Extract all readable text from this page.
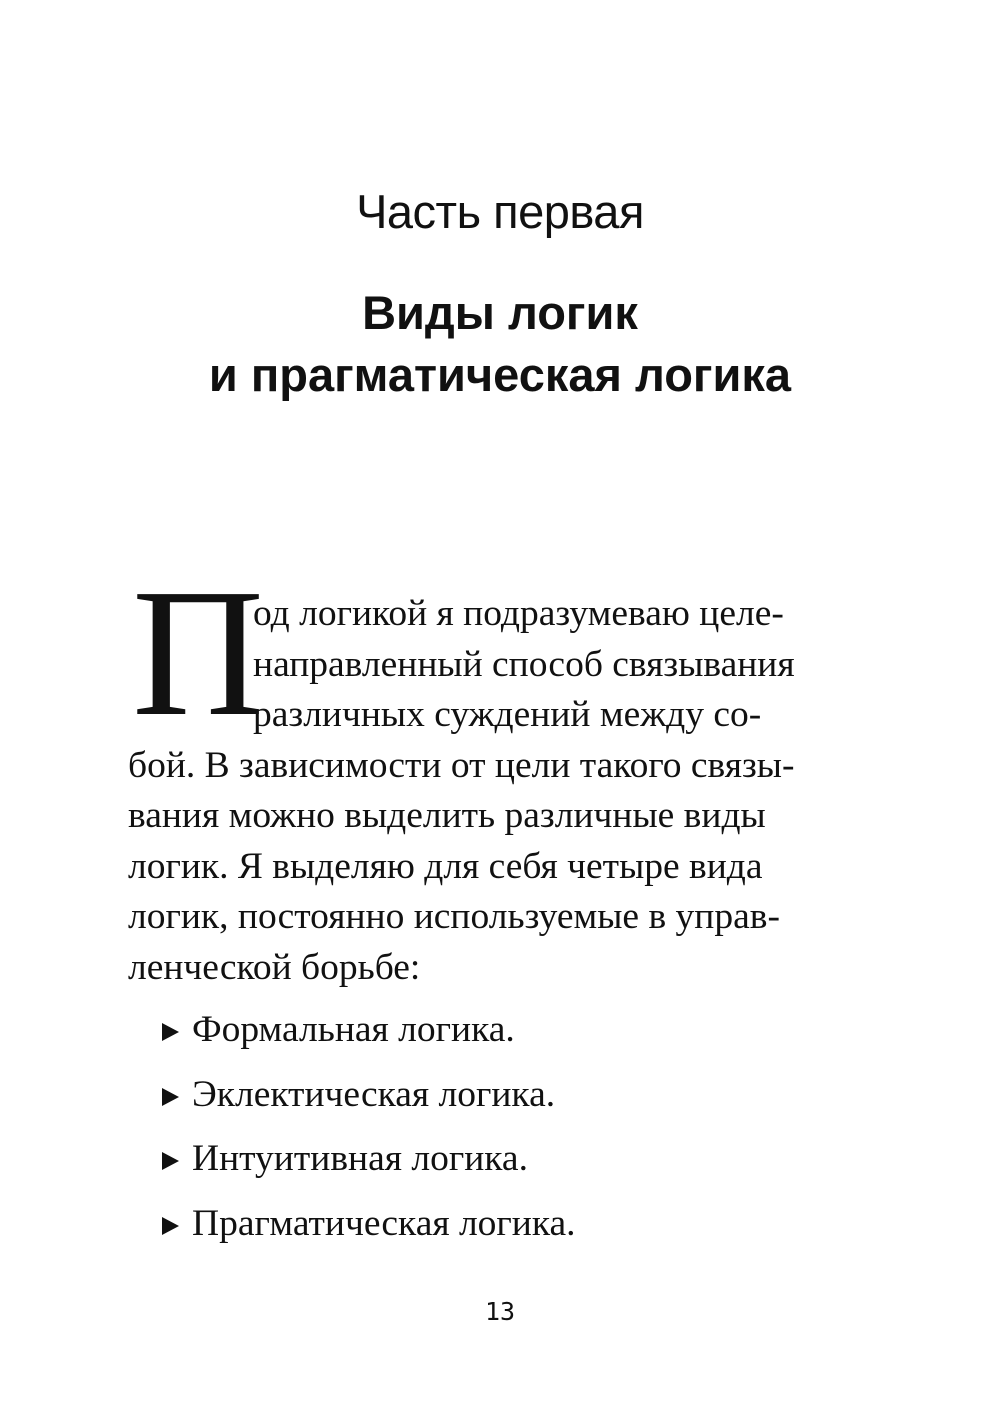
Часть первая
Виды логик
и прагматическая логика
П
од логикой я подразумеваю целе-
направленный способ связывания
различных суждений между со-
бой. В зависимости от цели такого связы-
вания можно выделить различные виды
логик. Я выделяю для себя четыре вида
логик, постоянно используемые в управ-
ленческой борьбе:
Формальная логика.
Эклектическая логика.
Интуитивная логика.
Прагматическая логика.
13
